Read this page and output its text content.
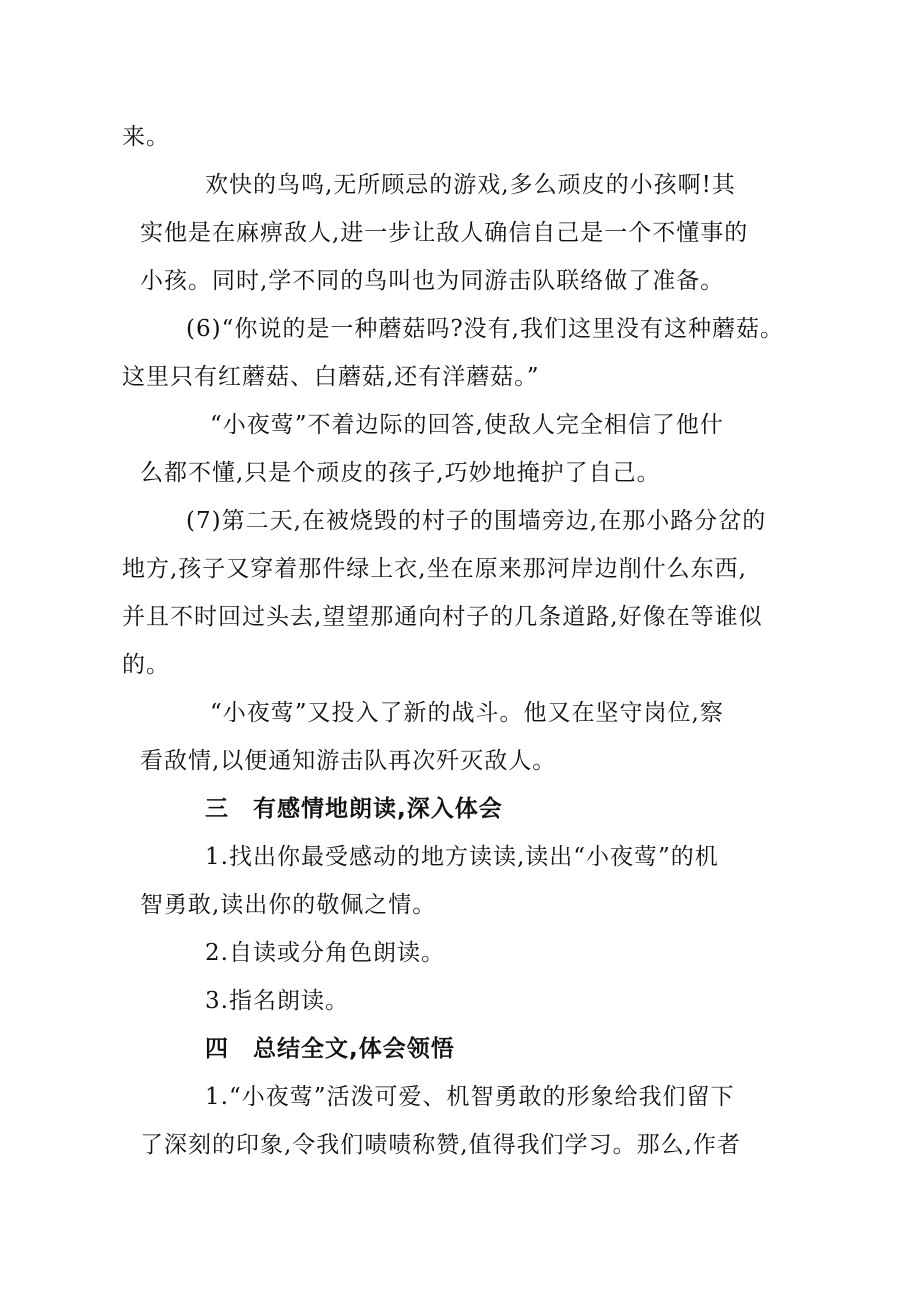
来。
欢快的鸟鸣,无所顾忌的游戏,多么顽皮的小孩啊!其
实他是在麻痹敌人,进一步让敌人确信自己是一个不懂事的
小孩。同时,学不同的鸟叫也为同游击队联络做了准备。
(6)“你说的是一种蘑菇吗?没有,我们这里没有这种蘑菇。
这里只有红蘑菇、白蘑菇,还有洋蘑菇。”
“小夜莺”不着边际的回答,使敌人完全相信了他什
么都不懂,只是个顽皮的孩子,巧妙地掩护了自己。
(7)第二天,在被烧毁的村子的围墙旁边,在那小路分岔的
地方,孩子又穿着那件绿上衣,坐在原来那河岸边削什么东西,
并且不时回过头去,望望那通向村子的几条道路,好像在等谁似
的。
“小夜莺”又投入了新的战斗。他又在坚守岗位,察
看敌情,以便通知游击队再次歼灭敌人。
三　有感情地朗读,深入体会
1.找出你最受感动的地方读读,读出“小夜莺”的机
智勇敢,读出你的敬佩之情。
2.自读或分角色朗读。
3.指名朗读。
四　总结全文,体会领悟
1.“小夜莺”活泼可爱、机智勇敢的形象给我们留下
了深刻的印象,令我们啧啧称赞,值得我们学习。那么,作者
